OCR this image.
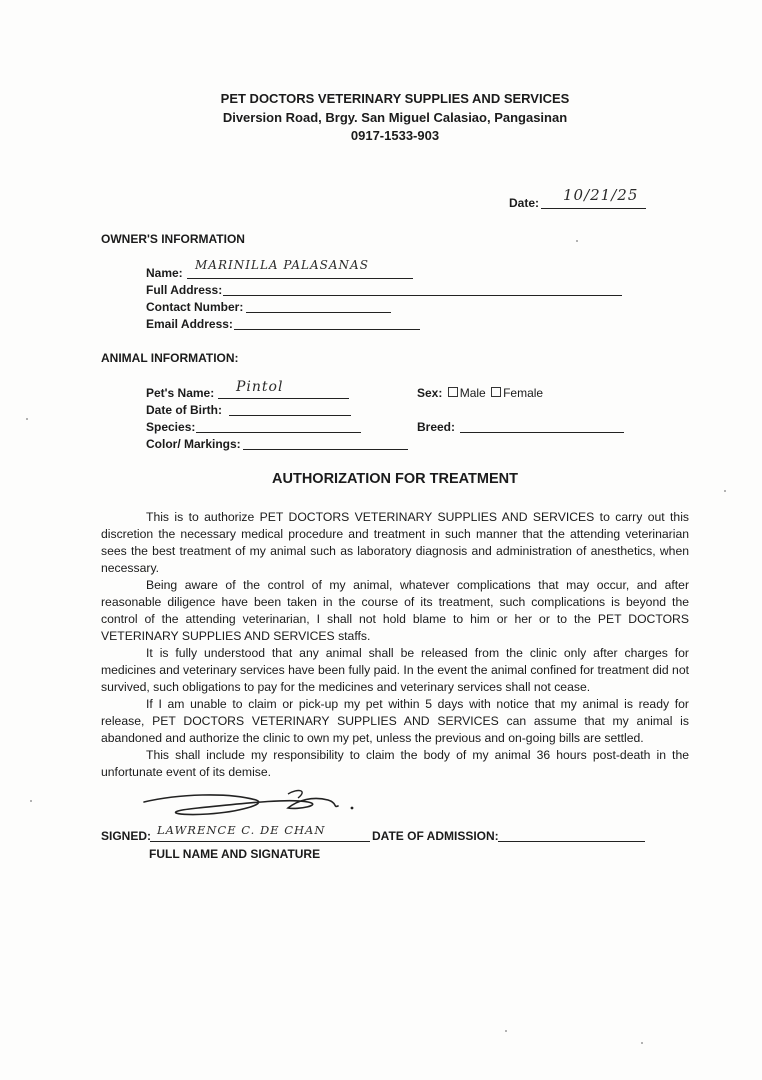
PET DOCTORS VETERINARY SUPPLIES AND SERVICES
Diversion Road, Brgy. San Miguel Calasiao, Pangasinan
0917-1533-903
Date: 10/21/25
OWNER'S INFORMATION
Name:
MARINILLA PALASANAS
Full Address:
Contact Number:
Email Address:
ANIMAL INFORMATION:
Pet's Name: Pintol
Date of Birth:
Species:
Color/ Markings:
Sex: Male Female
Breed:
AUTHORIZATION FOR TREATMENT

This is to authorize PET DOCTORS VETERINARY SUPPLIES AND SERVICES to carry out this discretion the necessary medical procedure and treatment in such manner that the attending veterinarian sees the best treatment of my animal such as laboratory diagnosis and administration of anesthetics, when necessary.

Being aware of the control of my animal, whatever complications that may occur, and after reasonable diligence have been taken in the course of its treatment, such complications is beyond the control of the attending veterinarian, I shall not hold blame to him or her or to the PET DOCTORS VETERINARY SUPPLIES AND SERVICES staffs.

It is fully understood that any animal shall be released from the clinic only after charges for medicines and veterinary services have been fully paid. In the event the animal confined for treatment did not survived, such obligations to pay for the medicines and veterinary services shall not cease.

If I am unable to claim or pick-up my pet within 5 days with notice that my animal is ready for release, PET DOCTORS VETERINARY SUPPLIES AND SERVICES can assume that my animal is abandoned and authorize the clinic to own my pet, unless the previous and on-going bills are settled.

This shall include my responsibility to claim the body of my animal 36 hours post-death in the unfortunate event of its demise.

SIGNED: LAWRENCE C. DE CHAN	DATE OF ADMISSION:
FULL NAME AND SIGNATURE
